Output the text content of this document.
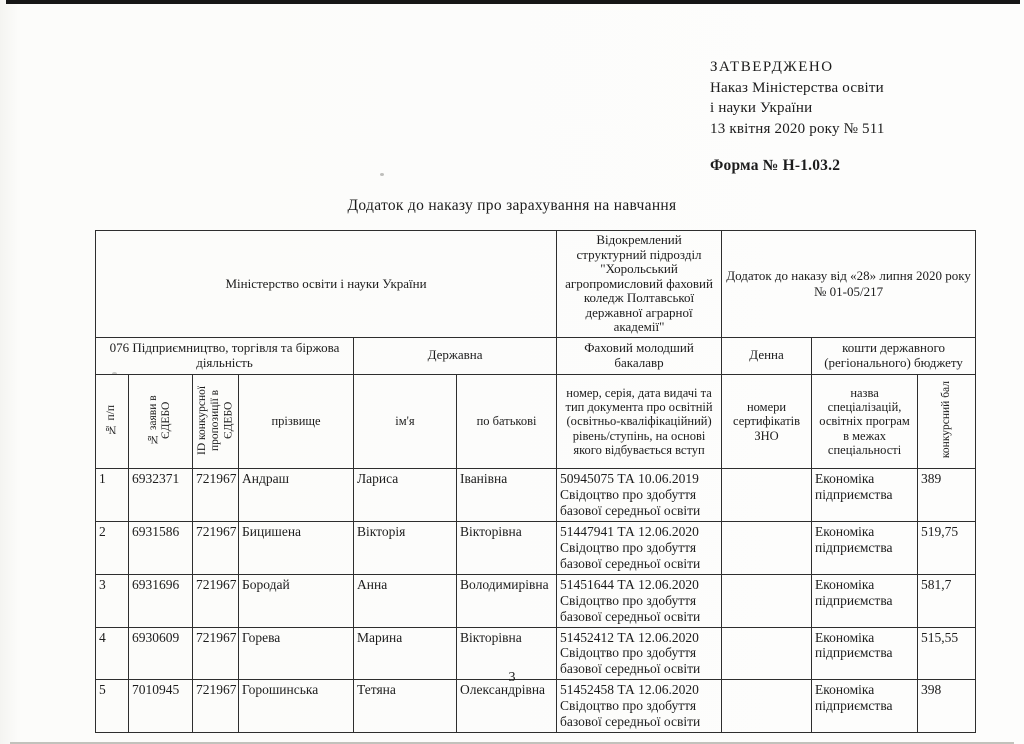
ЗАТВЕРДЖЕНО
Наказ Міністерства освіти
і науки України
13 квітня 2020 року № 511
Форма № Н-1.03.2
Додаток до наказу про зарахування на навчання
Міністерство освіти і науки України						Відокремлений структурний підрозділ "Хорольський агропромисловий фаховий коледж Полтавської державної аграрної академії"	Додаток до наказу від «28» липня 2020 року
№ 01-05/217		

076 Підприємництво, торгівля та біржова діяльність				Державна		Фаховий молодший бакалавр	Денна	кошти державного (регіонального) бюджету	
№ п/п	№ заяви в ЄДЕБО	ID конкурсної пропозиції в ЄДЕБО	прізвище	ім'я	по батькові	номер, серія, дата видачі та тип документа про освітній (освітньо-кваліфікаційний) рівень/ступінь, на основі якого відбувається вступ	номери сертифікатів ЗНО	назва спеціалізацій, освітніх програм в межах спеціальності	конкурсний бал
1	6932371	721967	Андраш	Лариса	Іванівна	50945075 ТА 10.06.2019
Свідоцтво про здобуття базової середньої освіти		Економіка підприємства	389
2	6931586	721967	Бицишена	Вікторія	Вікторівна	51447941 ТА 12.06.2020
Свідоцтво про здобуття базової середньої освіти		Економіка підприємства	519,75
3	6931696	721967	Бородай	Анна	Володимирівна	51451644 ТА 12.06.2020
Свідоцтво про здобуття базової середньої освіти		Економіка підприємства	581,7
4	6930609	721967	Горева	Марина	Вікторівна	51452412 ТА 12.06.2020
Свідоцтво про здобуття базової середньої освіти		Економіка підприємства	515,55
5	7010945	721967	Горошинська	Тетяна	Олександрівна	51452458 ТА 12.06.2020
Свідоцтво про здобуття базової середньої освіти		Економіка підприємства	398
3
